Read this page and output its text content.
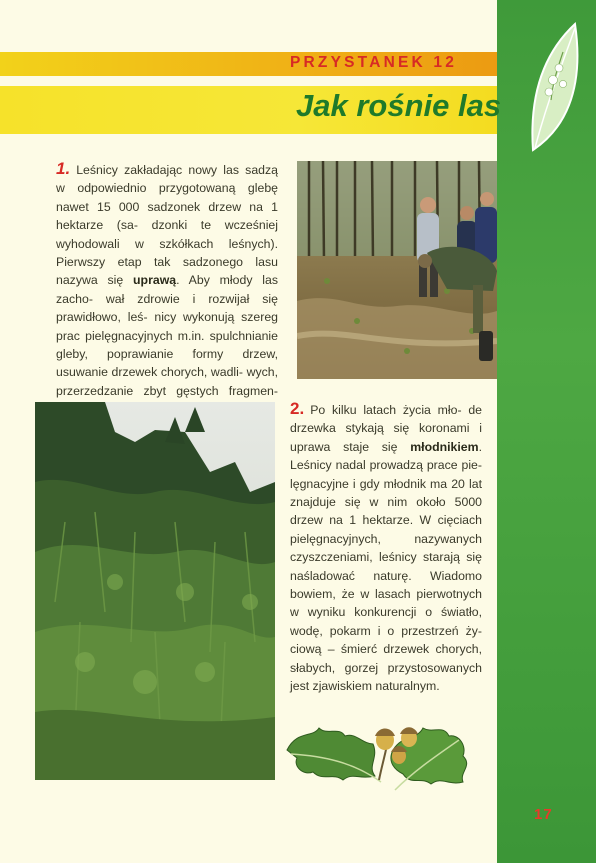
PRZYSTANEK 12
Jak rośnie las
1. Leśnicy zakładając nowy las sadzą w odpowiednio przygotowaną glebę nawet 15 000 sadzonek drzew na 1 hektarze (sa- dzonki te wcześniej wyhodowali w szkółkach leśnych). Pierwszy etap tak sadzonego lasu nazywa się uprawą. Aby młody las zacho- wał zdrowie i rozwijał się prawidłowo, leś- nicy wykonują szereg prac pielęgnacyjnych m.in. spulchnianie gleby, poprawianie formy drzew, usuwanie drzewek chorych, wadli- wych, przerzedzanie zbyt gęstych fragmen-
2. Po kilku latach życia mło- de drzewka stykają się koronami i uprawa staje się młodnikiem. Leśnicy nadal prowadzą prace pie- lęgnacyjne i gdy młodnik ma 20 lat znajduje się w nim około 5000 drzew na 1 hektarze. W cięciach pielęgnacyjnych, nazywanych czyszczeniami, leśnicy starają się naśladować naturę. Wiadomo bowiem, że w lasach pierwotnych w wyniku konkurencji o światło, wodę, pokarm i o przestrzeń ży- ciową – śmierć drzewek chorych, słabych, gorzej przystosowanych jest zjawiskiem naturalnym.
17
